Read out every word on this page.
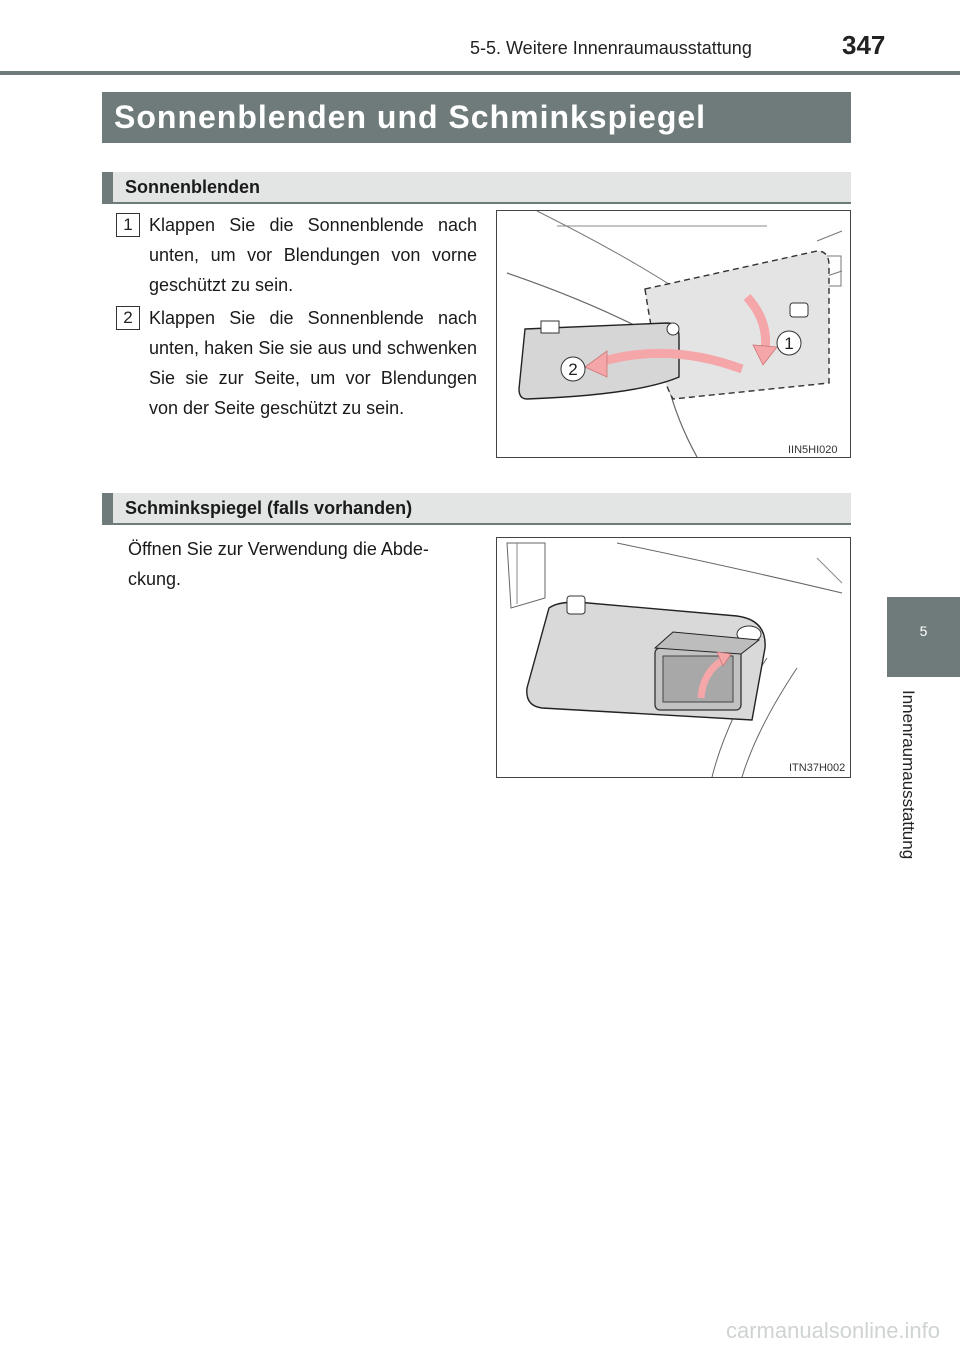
5-5. Weitere Innenraumausstattung	347
Sonnenblenden und Schminkspiegel
Sonnenblenden
1 Klappen Sie die Sonnenblende nach unten, um vor Blendungen von vorne geschützt zu sein.
2 Klappen Sie die Sonnenblende nach unten, haken Sie sie aus und schwenken Sie sie zur Seite, um vor Blendungen von der Seite geschützt zu sein.
1
2
IIN5HI020
Schminkspiegel (falls vorhanden)
Öffnen Sie zur Verwendung die Abde-ckung.
ITN37H002
5
Innenraumausstattung
carmanualsonline.info
